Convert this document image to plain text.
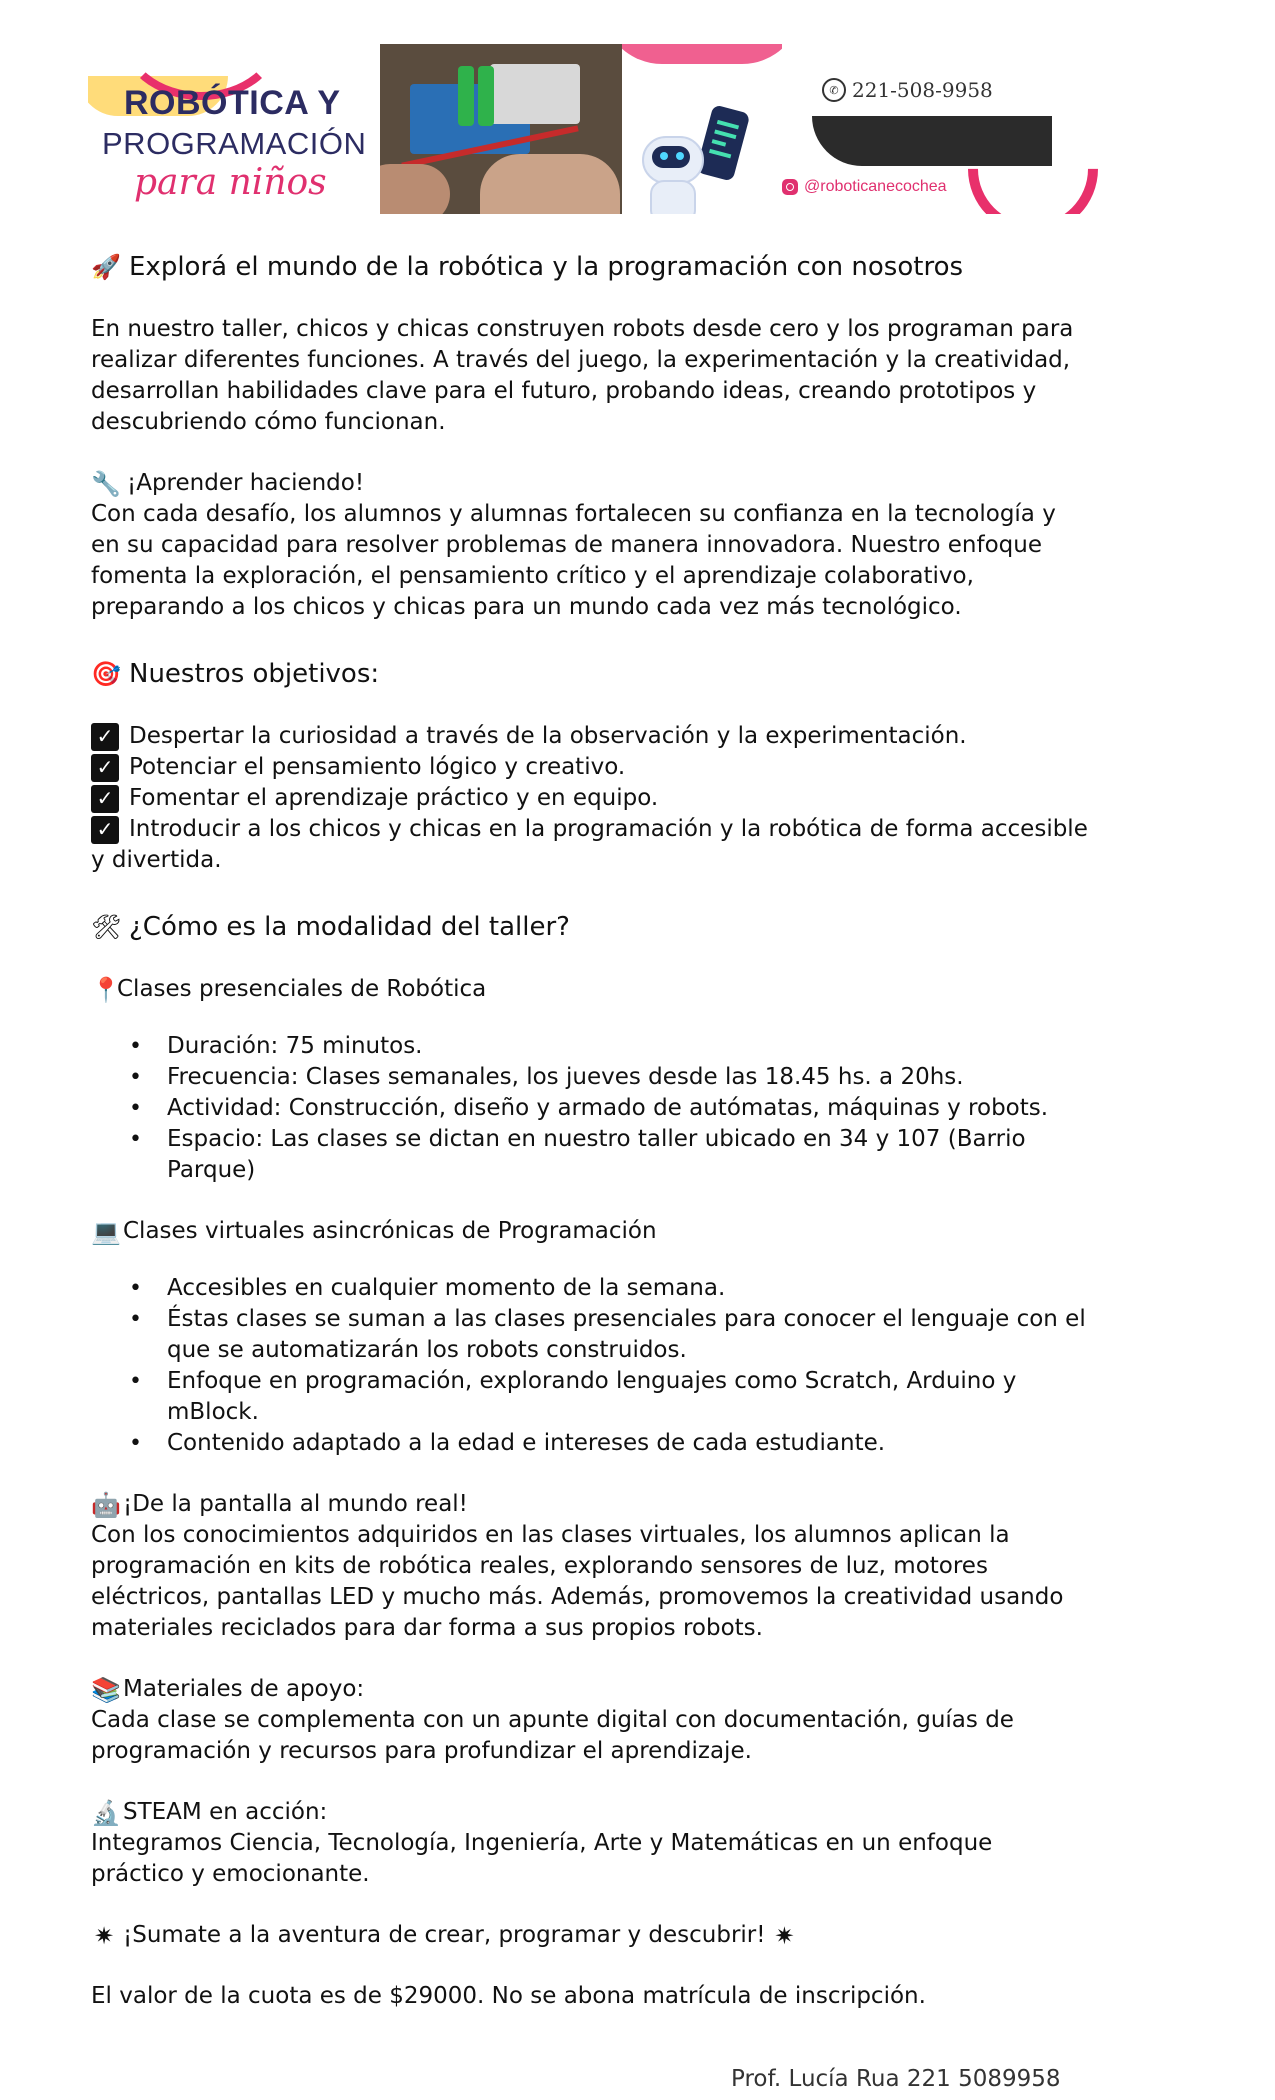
ROBÓTICA Y
PROGRAMACIÓN
para niños
✆ 221-508-9958
@roboticanecochea

🚀 Explorá el mundo de la robótica y la programación con nosotros

En nuestro taller, chicos y chicas construyen robots desde cero y los programan para realizar diferentes funciones. A través del juego, la experimentación y la creatividad, desarrollan habilidades clave para el futuro, probando ideas, creando prototipos y descubriendo cómo funcionan.

🔧 ¡Aprender haciendo!

Con cada desafío, los alumnos y alumnas fortalecen su confianza en la tecnología y en su capacidad para resolver problemas de manera innovadora. Nuestro enfoque fomenta la exploración, el pensamiento crítico y el aprendizaje colaborativo, preparando a los chicos y chicas para un mundo cada vez más tecnológico.

🎯 Nuestros objetivos:

✓ Despertar la curiosidad a través de la observación y la experimentación.

✓ Potenciar el pensamiento lógico y creativo.

✓ Fomentar el aprendizaje práctico y en equipo.

✓ Introducir a los chicos y chicas en la programación y la robótica de forma accesible y divertida.

🛠 ¿Cómo es la modalidad del taller?

📍
Clases presenciales de Robótica

• Duración: 75 minutos.
• Frecuencia: Clases semanales, los jueves desde las 18.45 hs. a 20hs.
• Actividad: Construcción, diseño y armado de autómatas, máquinas y robots.
• Espacio: Las clases se dictan en nuestro taller ubicado en 34 y 107 (Barrio Parque)

💻 Clases virtuales asincrónicas de Programación

• Accesibles en cualquier momento de la semana.
• Éstas clases se suman a las clases presenciales para conocer el lenguaje con el que se automatizarán los robots construidos.
• Enfoque en programación, explorando lenguajes como Scratch, Arduino y mBlock.
• Contenido adaptado a la edad e intereses de cada estudiante.

🤖 ¡De la pantalla al mundo real!

Con los conocimientos adquiridos en las clases virtuales, los alumnos aplican la programación en kits de robótica reales, explorando sensores de luz, motores eléctricos, pantallas LED y mucho más. Además, promovemos la creatividad usando materiales reciclados para dar forma a sus propios robots.

📚 Materiales de apoyo:

Cada clase se complementa con un apunte digital con documentación, guías de programación y recursos para profundizar el aprendizaje.

🔬 STEAM en acción:

Integramos Ciencia, Tecnología, Ingeniería, Arte y Matemáticas en un enfoque práctico y emocionante.

✷ ¡Sumate a la aventura de crear, programar y descubrir! ✷

El valor de la cuota es de $29000. No se abona matrícula de inscripción.

Prof. Lucía Rua 221 5089958
